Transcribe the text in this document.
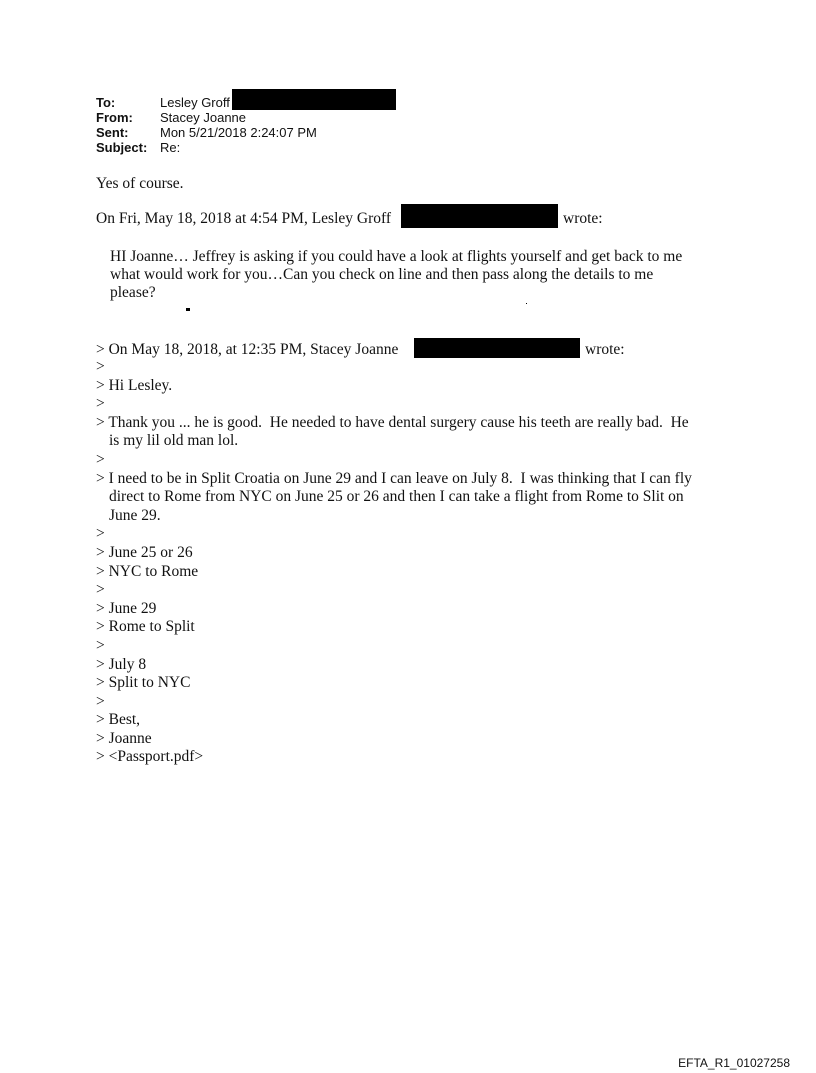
To:	Lesley Groff
From: Stacey Joanne
Sent: Mon 5/21/2018 2:24:07 PM
Subject: Re:
Yes of course.
On Fri, May 18, 2018 at 4:54 PM, Lesley Groff	wrote:
HI Joanne… Jeffrey is asking if you could have a look at flights yourself and get back to me
what would work for you…Can you check on line and then pass along the details to me
please?
> On May 18, 2018, at 12:35 PM, Stacey Joanne	wrote:
>
> Hi Lesley.
>
> Thank you ... he is good.  He needed to have dental surgery cause his teeth are really bad.  He
is my lil old man lol.
>
> I need to be in Split Croatia on June 29 and I can leave on July 8.  I was thinking that I can fly
direct to Rome from NYC on June 25 or 26 and then I can take a flight from Rome to Slit on
June 29.
>
> June 25 or 26
> NYC to Rome
>
> June 29
> Rome to Split
>
> July 8
> Split to NYC
>
> Best,
> Joanne
> <Passport.pdf>
EFTA_R1_01027258
